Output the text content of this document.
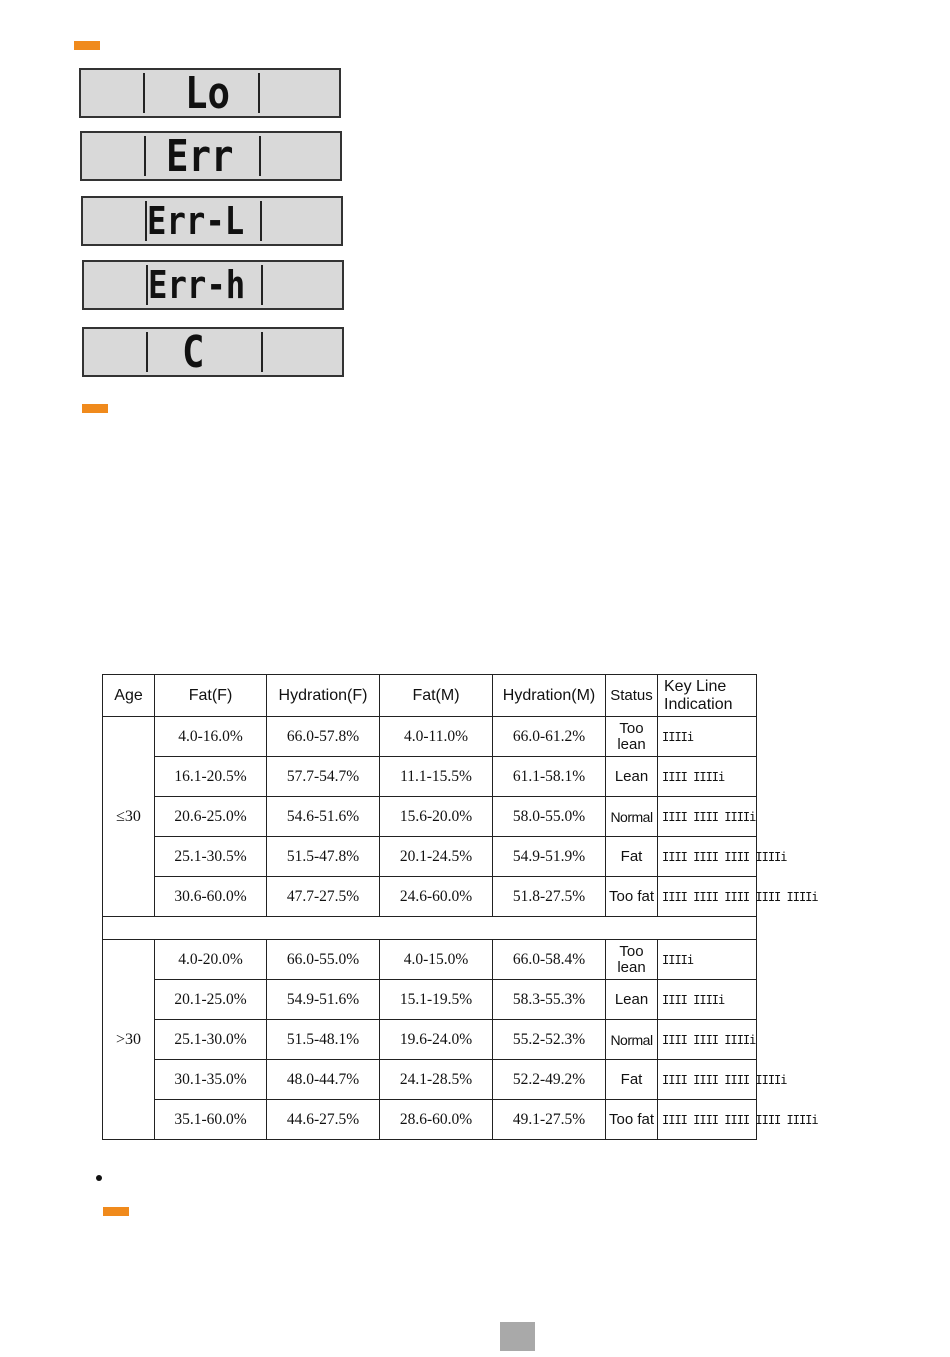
Lo
Err
Err-L
Err-h
C
Age	Fat(F)	Hydration(F)	Fat(M)	Hydration(M)	Status	Key Line Indication
≤30	4.0-16.0%	66.0-57.8%	4.0-11.0%	66.0-61.2%	Too lean	IIIIi
	16.1-20.5%	57.7-54.7%	11.1-15.5%	61.1-58.1%	Lean	IIII IIIIi
	20.6-25.0%	54.6-51.6%	15.6-20.0%	58.0-55.0%	Normal	IIII IIII IIIIi
	25.1-30.5%	51.5-47.8%	20.1-24.5%	54.9-51.9%	Fat	IIII IIII IIII IIIIi
	30.6-60.0%	47.7-27.5%	24.6-60.0%	51.8-27.5%	Too fat	IIII IIII IIII IIII IIIIi

>30	4.0-20.0%	66.0-55.0%	4.0-15.0%	66.0-58.4%	Too lean	IIIIi
	20.1-25.0%	54.9-51.6%	15.1-19.5%	58.3-55.3%	Lean	IIII IIIIi
	25.1-30.0%	51.5-48.1%	19.6-24.0%	55.2-52.3%	Normal	IIII IIII IIIIi
	30.1-35.0%	48.0-44.7%	24.1-28.5%	52.2-49.2%	Fat	IIII IIII IIII IIIIi
	35.1-60.0%	44.6-27.5%	28.6-60.0%	49.1-27.5%	Too fat	IIII IIII IIII IIII IIIIi
